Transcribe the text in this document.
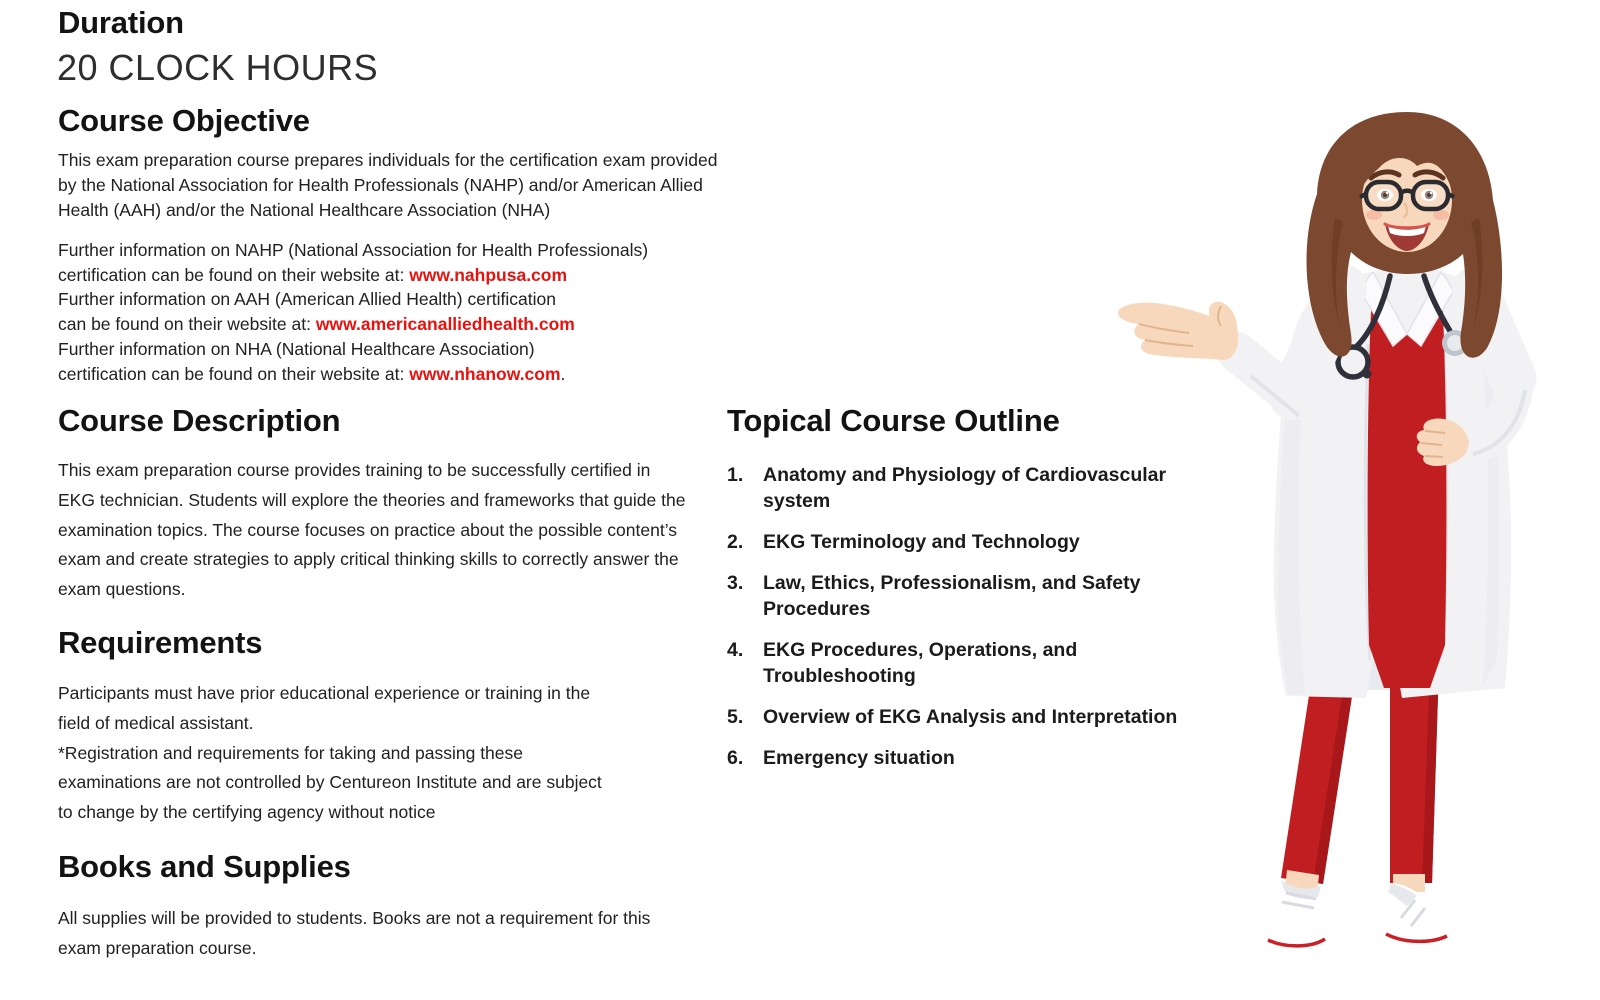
Duration
20 CLOCK HOURS
Course Objective
This exam preparation course prepares individuals for the certification exam provided by the National Association for Health Professionals (NAHP) and/or American Allied Health (AAH) and/or the National Healthcare Association (NHA)
Further information on NAHP (National Association for Health Professionals)
certification can be found on their website at: www.nahpusa.com
Further information on AAH (American Allied Health) certification
can be found on their website at: www.americanalliedhealth.com
Further information on NHA (National Healthcare Association)
certification can be found on their website at: www.nhanow.com.
Course Description
This exam preparation course provides training to be successfully certified in EKG technician. Students will explore the theories and frameworks that guide the examination topics. The course focuses on practice about the possible content’s exam and create strategies to apply critical thinking skills to correctly answer the exam questions.
Requirements
Participants must have prior educational experience or training in the field of medical assistant.
*Registration and requirements for taking and passing these examinations are not controlled by Centureon Institute and are subject to change by the certifying agency without notice
Books and Supplies
All supplies will be provided to students. Books are not a requirement for this exam preparation course.
Topical Course Outline
1.	Anatomy and Physiology of Cardiovascular system
2.	EKG Terminology and Technology
3.	Law, Ethics, Professionalism, and Safety Procedures
4.	EKG Procedures, Operations, and Troubleshooting
5.	Overview of EKG Analysis and Interpretation
6.	Emergency situation
